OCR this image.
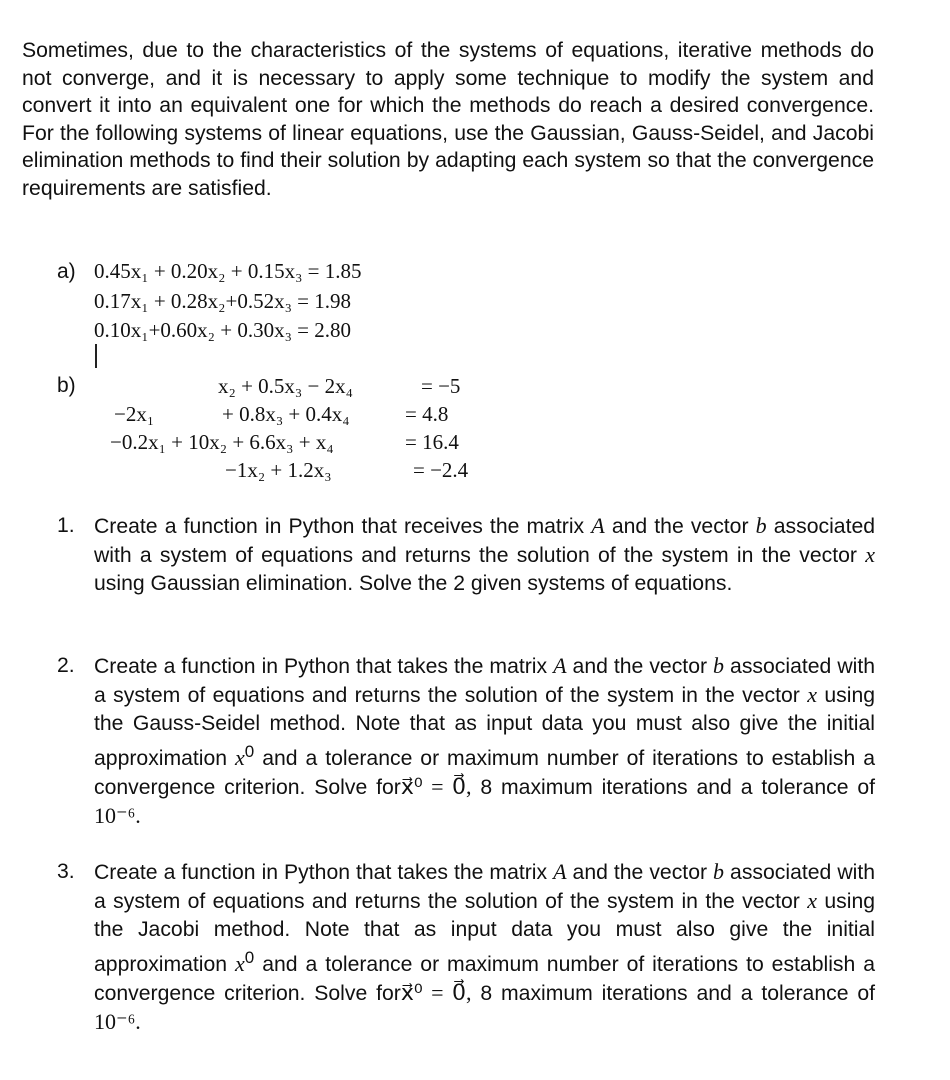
Sometimes, due to the characteristics of the systems of equations, iterative methods do not converge, and it is necessary to apply some technique to modify the system and convert it into an equivalent one for which the methods do reach a desired convergence. For the following systems of linear equations, use the Gaussian, Gauss-Seidel, and Jacobi elimination methods to find their solution by adapting each system so that the convergence requirements are satisfied.

a) 0.45x₁ + 0.20x₂ + 0.15x₃ = 1.85
0.17x₁ + 0.28x₂+0.52x₃ = 1.98
0.10x₁+0.60x₂ + 0.30x₃ = 2.80
b)	x₂ + 0.5x₃ − 2x₄	= −5
−2x₁	+ 0.8x₃ + 0.4x₄	= 4.8
−0.2x₁ + 10x₂ + 6.6x₃ + x₄	= 16.4
−1x₂ + 1.2x₃	= −2.4
1. Create a function in Python that receives the matrix A and the vector b associated with a system of equations and returns the solution of the system in the vector x using Gaussian elimination. Solve the 2 given systems of equations.
2. Create a function in Python that takes the matrix A and the vector b associated with a system of equations and returns the solution of the system in the vector x using the Gauss-Seidel method. Note that as input data you must also give the initial approximation $x^0$ and a tolerance or maximum number of iterations to establish a convergence criterion. Solve forx⃗⁰ = 0⃗, 8 maximum iterations and a tolerance of 10⁻⁶.
3. Create a function in Python that takes the matrix A and the vector b associated with a system of equations and returns the solution of the system in the vector x using the Jacobi method. Note that as input data you must also give the initial approximation $x^0$ and a tolerance or maximum number of iterations to establish a convergence criterion. Solve forx⃗⁰ = 0⃗, 8 maximum iterations and a tolerance of 10⁻⁶.
